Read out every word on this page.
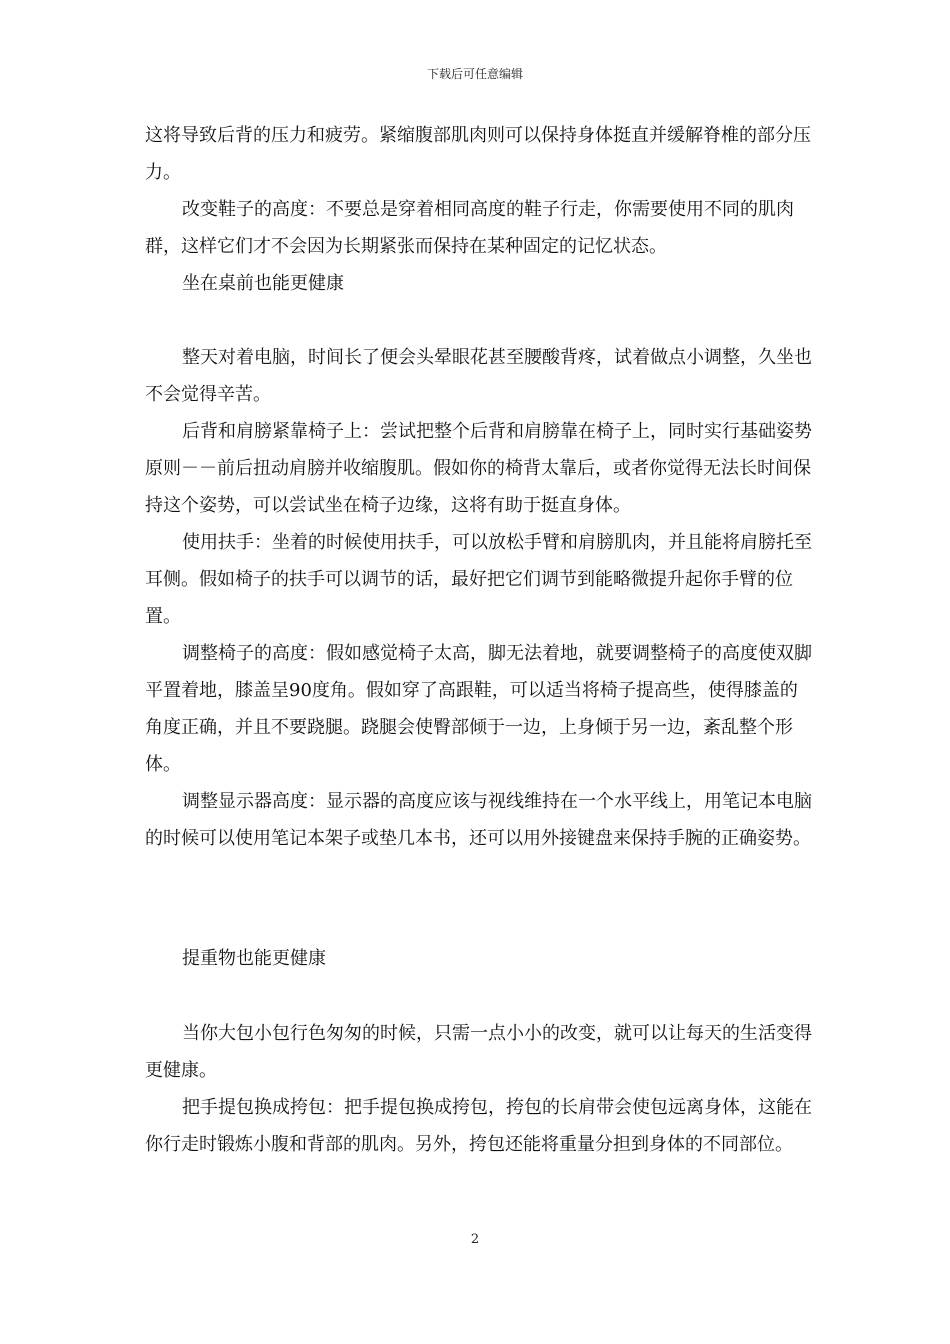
下载后可任意编辑

这将导致后背的压力和疲劳。紧缩腹部肌肉则可以保持身体挺直并缓解脊椎的部分压力。

改变鞋子的高度：不要总是穿着相同高度的鞋子行走，你需要使用不同的肌肉群，这样它们才不会因为长期紧张而保持在某种固定的记忆状态。

坐在桌前也能更健康

整天对着电脑，时间长了便会头晕眼花甚至腰酸背疼，试着做点小调整，久坐也不会觉得辛苦。

后背和肩膀紧靠椅子上：尝试把整个后背和肩膀靠在椅子上，同时实行基础姿势原则－－前后扭动肩膀并收缩腹肌。假如你的椅背太靠后，或者你觉得无法长时间保持这个姿势，可以尝试坐在椅子边缘，这将有助于挺直身体。

使用扶手：坐着的时候使用扶手，可以放松手臂和肩膀肌肉，并且能将肩膀托至耳侧。假如椅子的扶手可以调节的话，最好把它们调节到能略微提升起你手臂的位置。

调整椅子的高度：假如感觉椅子太高，脚无法着地，就要调整椅子的高度使双脚平置着地，膝盖呈90度角。假如穿了高跟鞋，可以适当将椅子提高些，使得膝盖的角度正确，并且不要跷腿。跷腿会使臀部倾于一边，上身倾于另一边，紊乱整个形体。

调整显示器高度：显示器的高度应该与视线维持在一个水平线上，用笔记本电脑的时候可以使用笔记本架子或垫几本书，还可以用外接键盘来保持手腕的正确姿势。

提重物也能更健康

当你大包小包行色匆匆的时候，只需一点小小的改变，就可以让每天的生活变得更健康。

把手提包换成挎包：把手提包换成挎包，挎包的长肩带会使包远离身体，这能在你行走时锻炼小腹和背部的肌肉。另外，挎包还能将重量分担到身体的不同部位。

2
